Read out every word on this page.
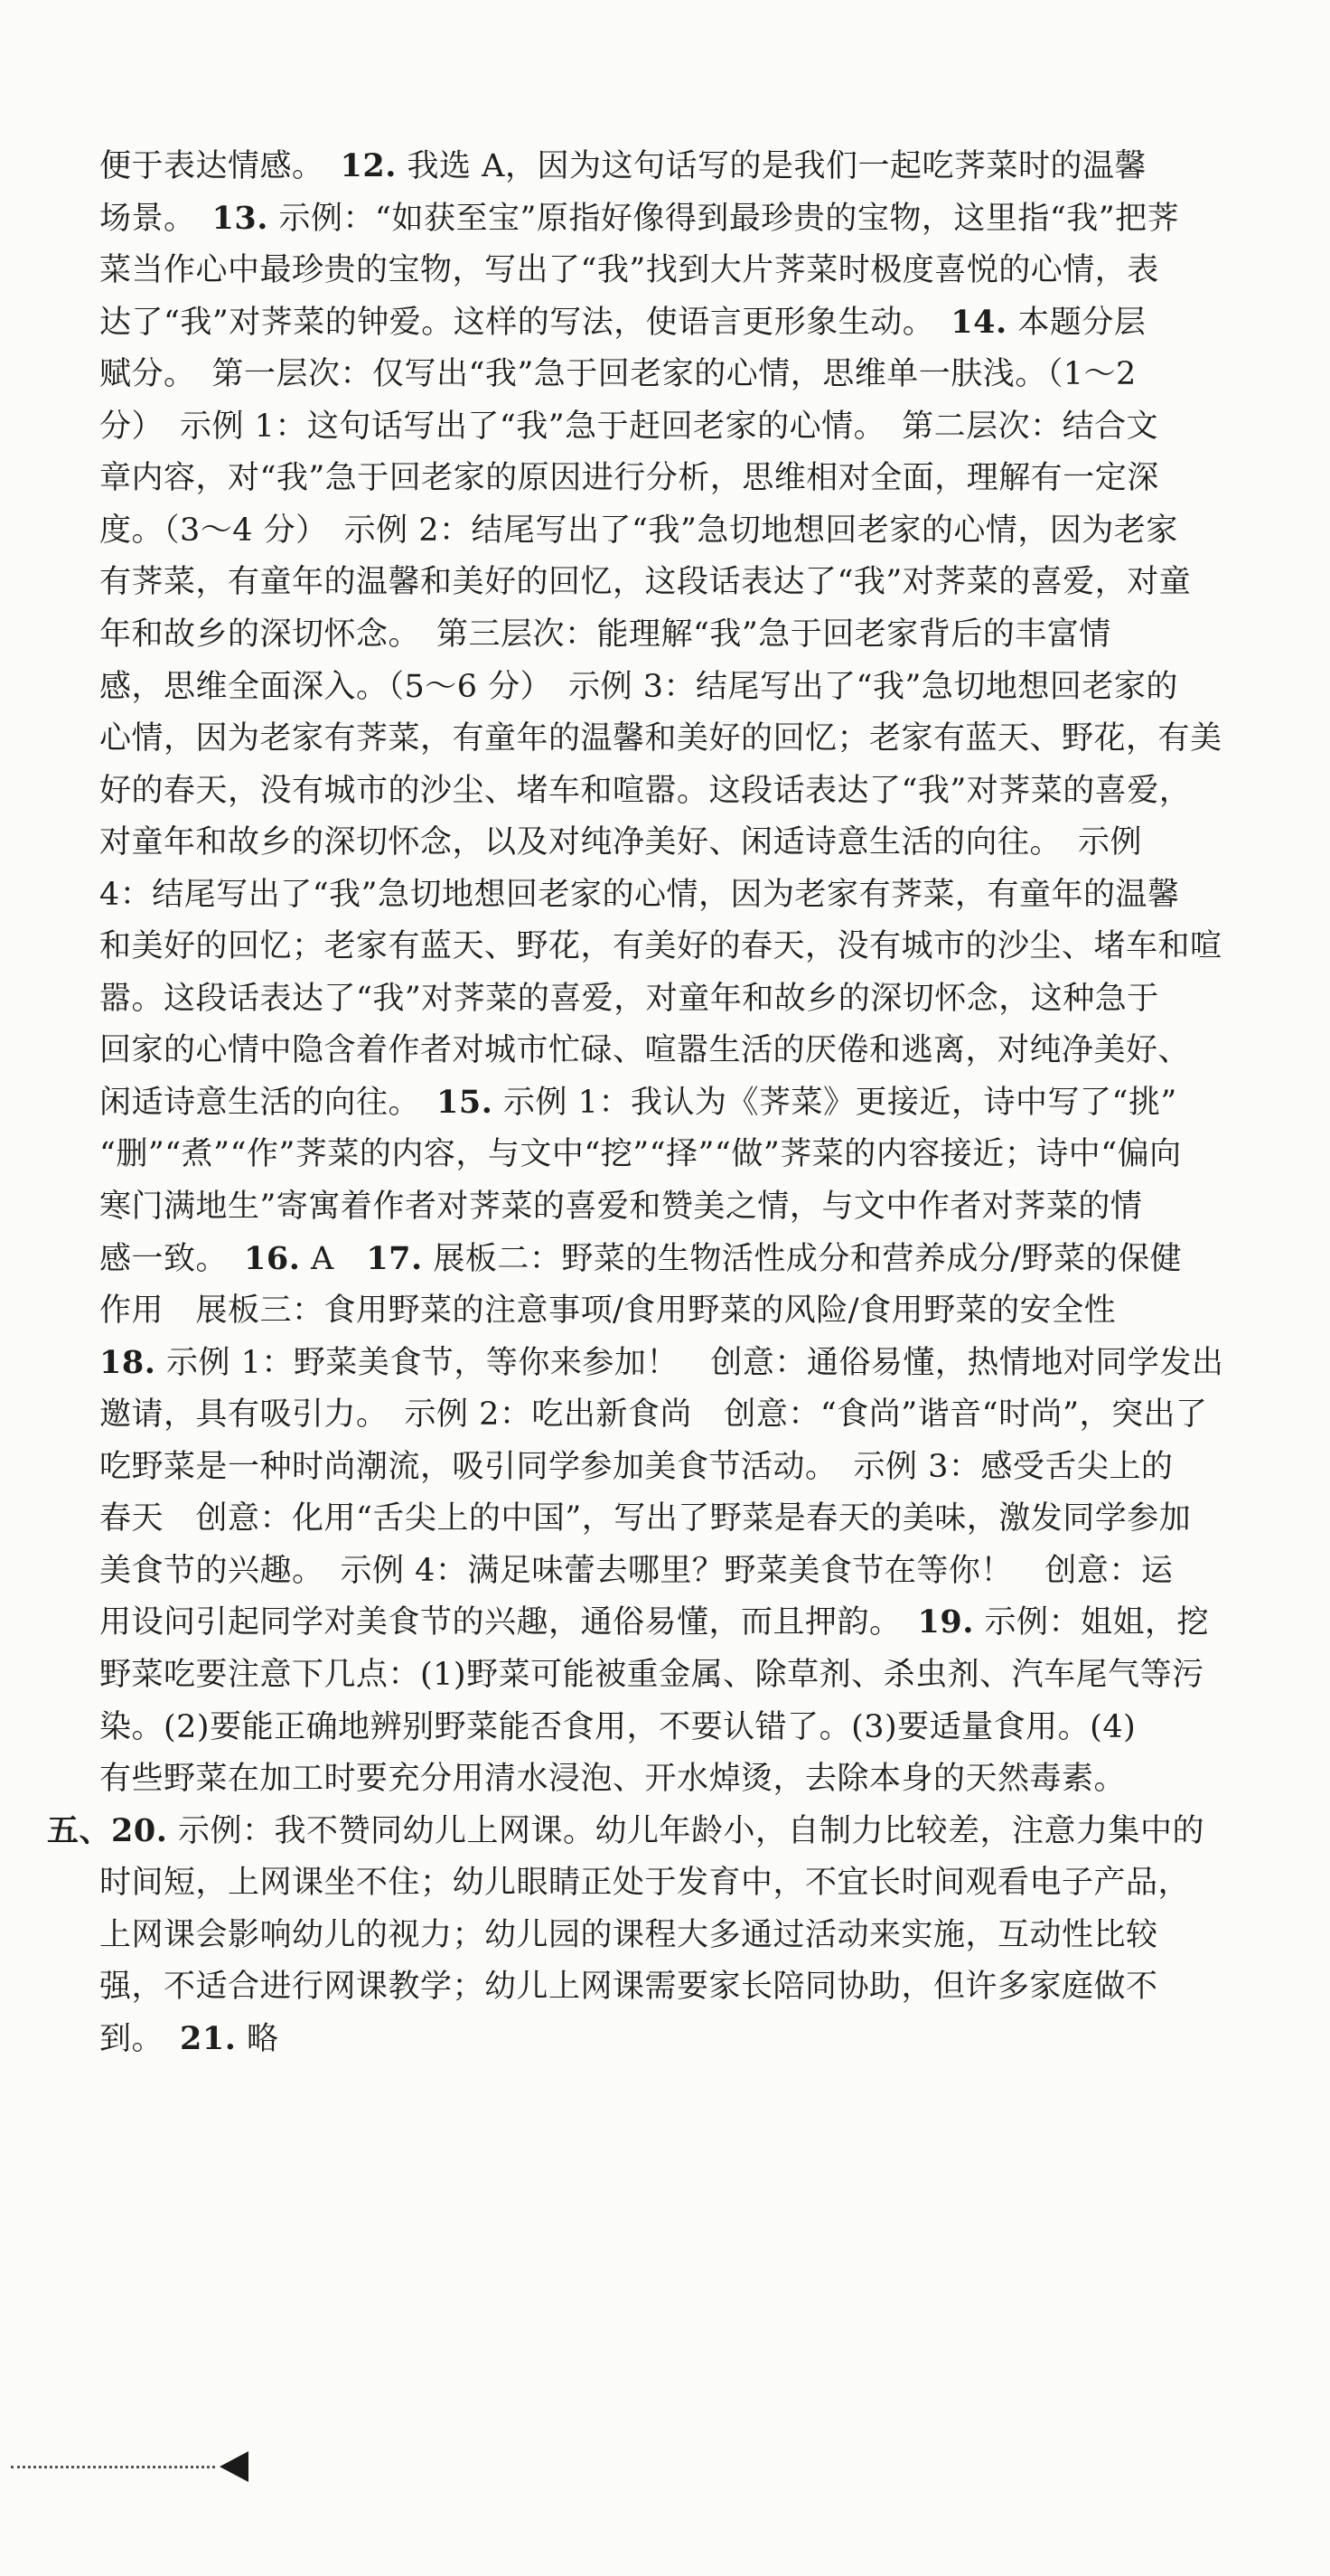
便于表达情感。　12. 我选 A，因为这句话写的是我们一起吃荠菜时的温馨
场景。　13. 示例：“如获至宝”原指好像得到最珍贵的宝物，这里指“我”把荠
菜当作心中最珍贵的宝物，写出了“我”找到大片荠菜时极度喜悦的心情，表
达了“我”对荠菜的钟爱。这样的写法，使语言更形象生动。　14. 本题分层
赋分。　第一层次：仅写出“我”急于回老家的心情，思维单一肤浅。（1～2
分）　示例 1：这句话写出了“我”急于赶回老家的心情。　第二层次：结合文
章内容，对“我”急于回老家的原因进行分析，思维相对全面，理解有一定深
度。（3～4 分）　示例 2：结尾写出了“我”急切地想回老家的心情，因为老家
有荠菜，有童年的温馨和美好的回忆，这段话表达了“我”对荠菜的喜爱，对童
年和故乡的深切怀念。　第三层次：能理解“我”急于回老家背后的丰富情
感，思维全面深入。（5～6 分）　示例 3：结尾写出了“我”急切地想回老家的
心情，因为老家有荠菜，有童年的温馨和美好的回忆；老家有蓝天、野花，有美
好的春天，没有城市的沙尘、堵车和喧嚣。这段话表达了“我”对荠菜的喜爱，
对童年和故乡的深切怀念，以及对纯净美好、闲适诗意生活的向往。　示例
4：结尾写出了“我”急切地想回老家的心情，因为老家有荠菜，有童年的温馨
和美好的回忆；老家有蓝天、野花，有美好的春天，没有城市的沙尘、堵车和喧
嚣。这段话表达了“我”对荠菜的喜爱，对童年和故乡的深切怀念，这种急于
回家的心情中隐含着作者对城市忙碌、喧嚣生活的厌倦和逃离，对纯净美好、
闲适诗意生活的向往。　15. 示例 1：我认为《荠菜》更接近，诗中写了“挑”
“删”“煮”“作”荠菜的内容，与文中“挖”“择”“做”荠菜的内容接近；诗中“偏向
寒门满地生”寄寓着作者对荠菜的喜爱和赞美之情，与文中作者对荠菜的情
感一致。　16. A　17. 展板二：野菜的生物活性成分和营养成分/野菜的保健
作用　展板三：食用野菜的注意事项/食用野菜的风险/食用野菜的安全性
18. 示例 1：野菜美食节，等你来参加！　创意：通俗易懂，热情地对同学发出
邀请，具有吸引力。　示例 2：吃出新食尚　创意：“食尚”谐音“时尚”，突出了
吃野菜是一种时尚潮流，吸引同学参加美食节活动。　示例 3：感受舌尖上的
春天　创意：化用“舌尖上的中国”，写出了野菜是春天的美味，激发同学参加
美食节的兴趣。　示例 4：满足味蕾去哪里？野菜美食节在等你！　创意：运
用设问引起同学对美食节的兴趣，通俗易懂，而且押韵。　19. 示例：姐姐，挖
野菜吃要注意下几点：(1)野菜可能被重金属、除草剂、杀虫剂、汽车尾气等污
染。(2)要能正确地辨别野菜能否食用，不要认错了。(3)要适量食用。(4)
有些野菜在加工时要充分用清水浸泡、开水焯烫，去除本身的天然毒素。
五、20. 示例：我不赞同幼儿上网课。幼儿年龄小，自制力比较差，注意力集中的
时间短，上网课坐不住；幼儿眼睛正处于发育中，不宜长时间观看电子产品，
上网课会影响幼儿的视力；幼儿园的课程大多通过活动来实施，互动性比较
强，不适合进行网课教学；幼儿上网课需要家长陪同协助，但许多家庭做不
到。　21. 略
